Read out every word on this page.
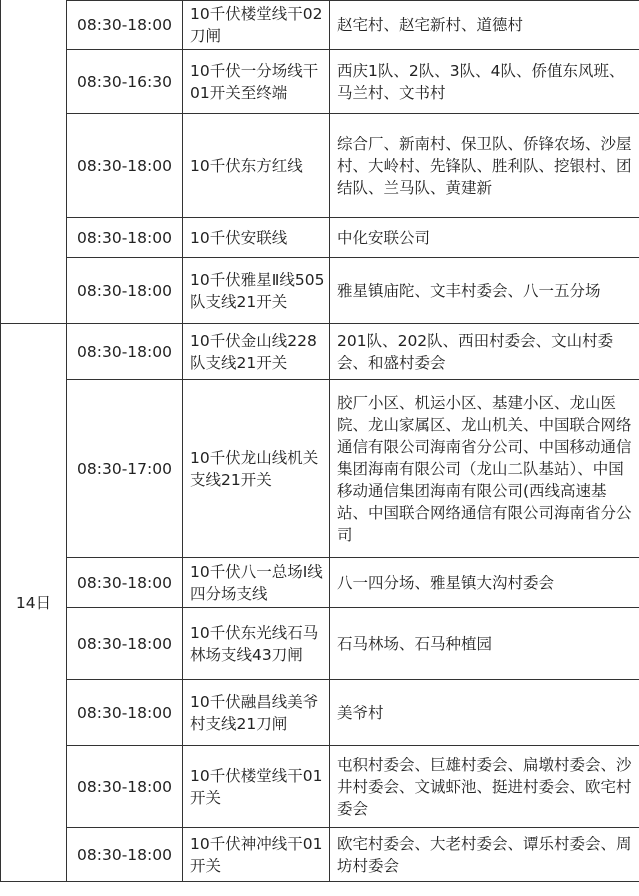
	08:30-18:00	10千伏楼堂线干02刀闸	赵宅村、赵宅新村、道德村
	08:30-16:30	10千伏一分场线干01开关至终端	西庆1队、2队、3队、4队、侨值东风班、马兰村、文书村
	08:30-18:00	10千伏东方红线	综合厂、新南村、保卫队、侨锋农场、沙屋村、大岭村、先锋队、胜利队、挖银村、团结队、兰马队、黄建新
	08:30-18:00	10千伏安联线	中化安联公司
	08:30-18:00	10千伏雅星Ⅱ线505队支线21开关	雅星镇庙陀、文丰村委会、八一五分场
14日	08:30-18:00	10千伏金山线228队支线21开关	201队、202队、西田村委会、文山村委会、和盛村委会
	08:30-17:00	10千伏龙山线机关支线21开关	胶厂小区、机运小区、基建小区、龙山医院、龙山家属区、龙山机关、中国联合网络通信有限公司海南省分公司、中国移动通信集团海南有限公司（龙山二队基站）、中国移动通信集团海南有限公司(西线高速基站、中国联合网络通信有限公司海南省分公司
	08:30-18:00	10千伏八一总场Ⅰ线四分场支线	八一四分场、雅星镇大沟村委会
	08:30-18:00	10千伏东光线石马林场支线43刀闸	石马林场、石马种植园
	08:30-18:00	10千伏融昌线美爷村支线21刀闸	美爷村
	08:30-18:00	10千伏楼堂线干01开关	屯积村委会、巨雄村委会、扁墩村委会、沙井村委会、文诚虾池、挺进村委会、欧宅村委会
	08:30-18:00	10千伏神冲线干01开关	欧宅村委会、大老村委会、谭乐村委会、周坊村委会
